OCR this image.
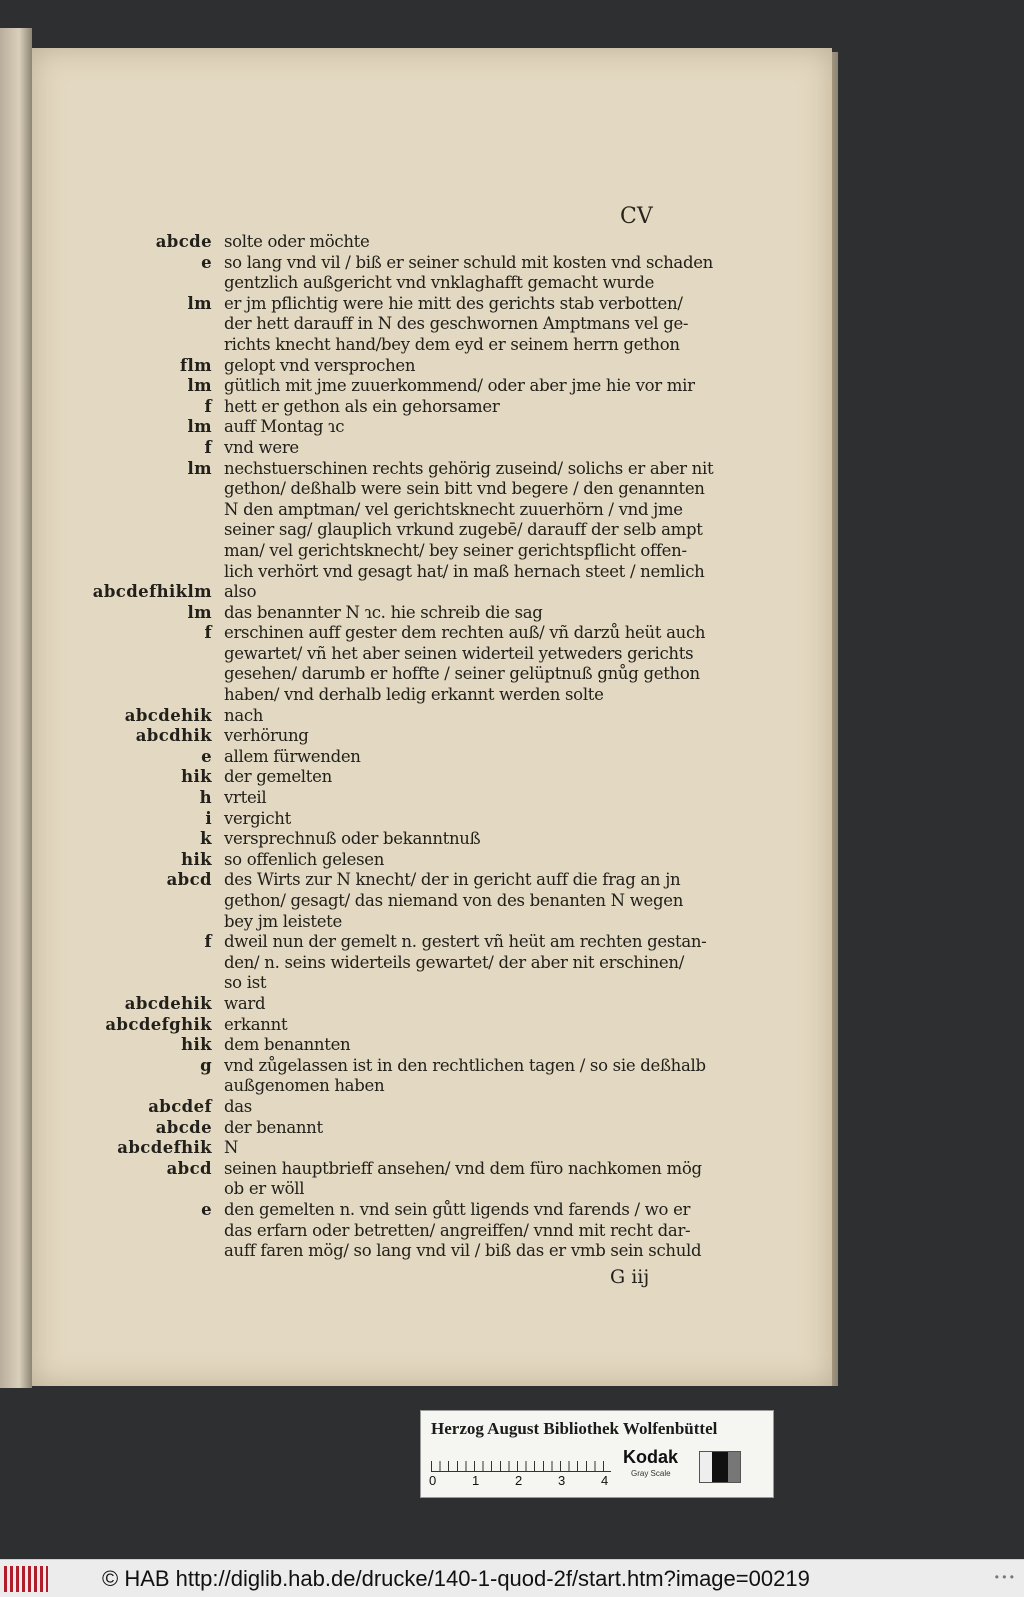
CV
abcde solte oder möchte
e so lang vnd vil / biß er seiner schuld mit kosten vnd schaden
gentzlich außgericht vnd vnklaghafft gemacht wurde
lm er jm pflichtig were hie mitt des gerichts stab verbotten/
der hett darauff in N des geschwornen Amptmans vel ge-
richts knecht hand/bey dem eyd er seinem herrn gethon
flm gelopt vnd versprochen
lm gütlich mit jme zuuerkommend/ oder aber jme hie vor mir
f hett er gethon als ein gehorsamer
lm auff Montag ɿc
f vnd were
lm nechstuerschinen rechts gehörig zuseind/ solichs er aber nit
gethon/ deßhalb were sein bitt vnd begere / den genannten
N den amptman/ vel gerichtsknecht zuuerhörn / vnd jme
seiner sag/ glauplich vrkund zugebē/ darauff der selb ampt
man/ vel gerichtsknecht/ bey seiner gerichtspflicht offen-
lich verhört vnd gesagt hat/ in maß hernach steet / nemlich
abcdefhiklm also
lm das benannter N ɿc. hie schreib die sag
f erschinen auff gester dem rechten auß/ vñ darzů heüt auch
gewartet/ vñ het aber seinen widerteil yetweders gerichts
gesehen/ darumb er hoffte / seiner gelüptnuß gnůg gethon
haben/ vnd derhalb ledig erkannt werden solte
abcdehik nach
abcdhik verhörung
e allem fürwenden
hik der gemelten
h vrteil
i vergicht
k versprechnuß oder bekanntnuß
hik so offenlich gelesen
abcd des Wirts zur N knecht/ der in gericht auff die frag an jn
gethon/ gesagt/ das niemand von des benanten N wegen
bey jm leistete
f dweil nun der gemelt n. gestert vñ heüt am rechten gestan-
den/ n. seins widerteils gewartet/ der aber nit erschinen/
so ist
abcdehik ward
abcdefghik erkannt
hik dem benannten
g vnd zůgelassen ist in den rechtlichen tagen / so sie deßhalb
außgenomen haben
abcdef das
abcde der benannt
abcdefhik N
abcd seinen hauptbrieff ansehen/ vnd dem füro nachkomen mög
ob er wöll
e den gemelten n. vnd sein gůtt ligends vnd farends / wo er
das erfarn oder betretten/ angreiffen/ vnnd mit recht dar-
auff faren mög/ so lang vnd vil / biß das er vmb sein schuld
G iij
Herzog August Bibliothek Wolfenbüttel
0	1	2	3	4
Kodak
Gray Scale
© HAB http://diglib.hab.de/drucke/140-1-quod-2f/start.htm?image=00219	• • •
